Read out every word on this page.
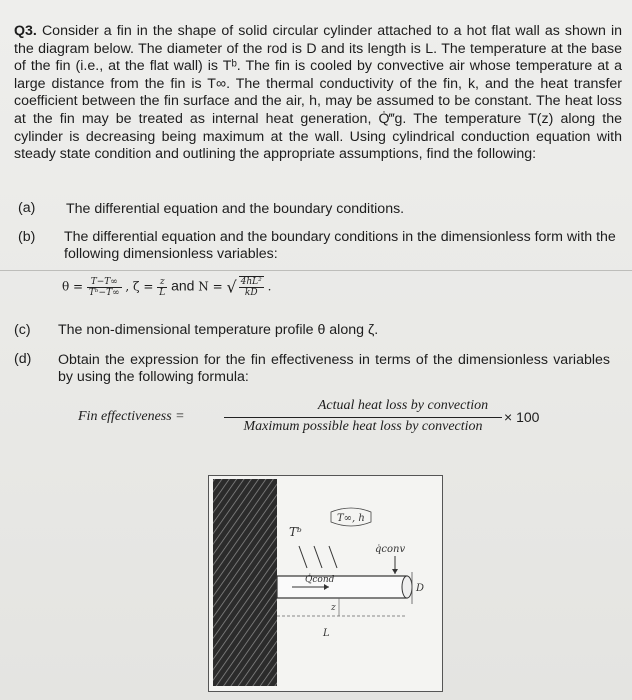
Q3. Consider a fin in the shape of solid circular cylinder attached to a hot flat wall as shown in the diagram below. The diameter of the rod is D and its length is L. The temperature at the base of the fin (i.e., at the flat wall) is Tᵇ. The fin is cooled by convective air whose temperature at a large distance from the fin is T∞. The thermal conductivity of the fin, k, and the heat transfer coefficient between the fin surface and the air, h, may be assumed to be constant. The heat loss at the fin may be treated as internal heat generation, Q̇‴g. The temperature T(z) along the cylinder is decreasing being maximum at the wall. Using cylindrical conduction equation with steady state condition and outlining the appropriate assumptions, find the following:
(a) The differential equation and the boundary conditions.
(b) The differential equation and the boundary conditions in the dimensionless form with the following dimensionless variables:
$\theta = \frac{T-T\infty}{\text{Tᵇ−T∞}}$ , $\zeta = \frac{z}{L}$ and N = √ $\frac{\text{4hL²}}{kD}$ .
(c) The non-dimensional temperature profile θ along ζ.
(d) Obtain the expression for the fin effectiveness in terms of the dimensionless variables by using the following formula:
Fin effectiveness =
Actual heat loss by convection
Maximum possible heat loss by convection
× 100
Tᵇ
T∞, h
q̇conv
Q̇cond
z
L
D
